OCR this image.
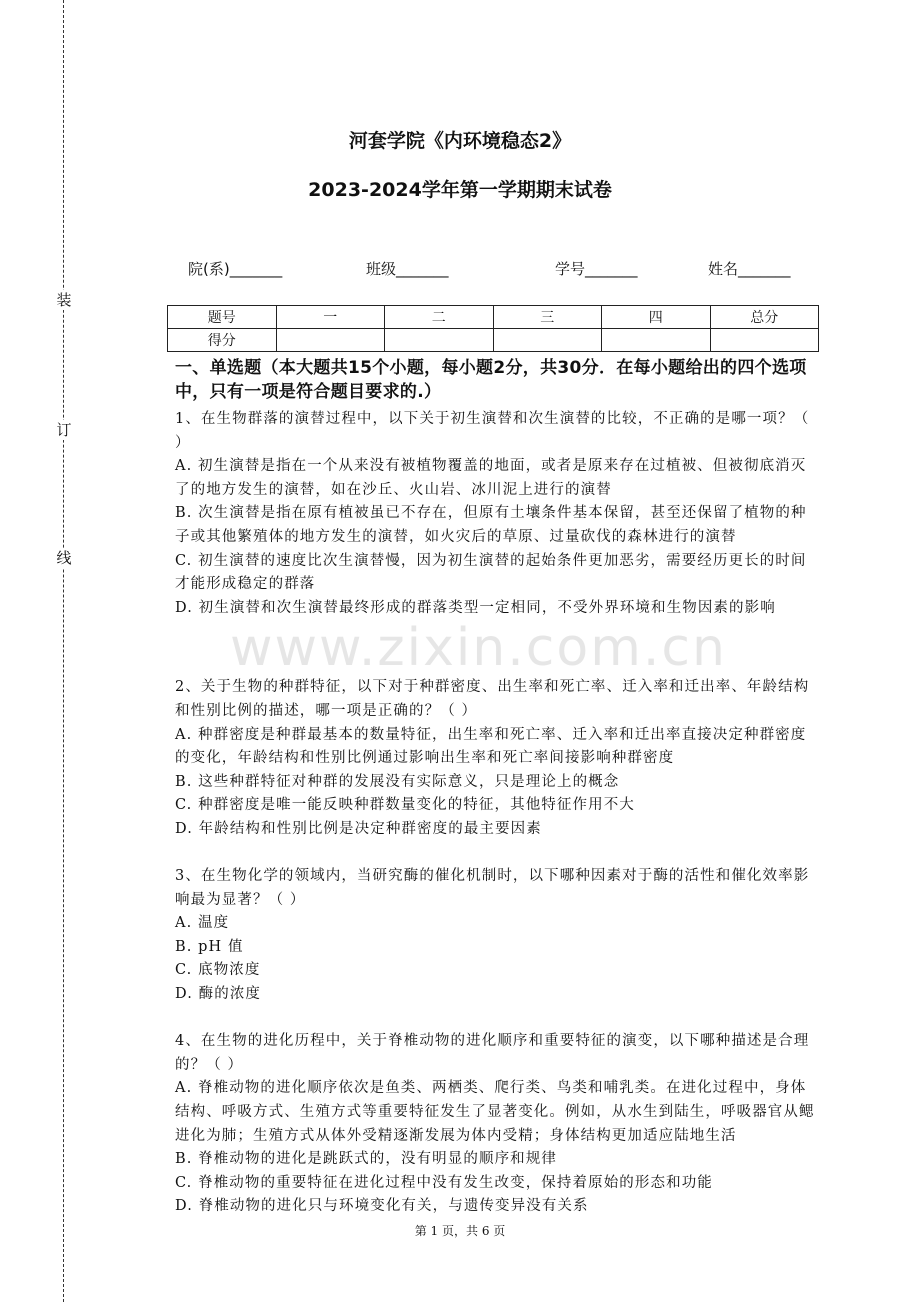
装
订
线
河套学院《内环境稳态2》
2023-2024学年第一学期期末试卷
院(系)_______	班级_______	学号_______	姓名_______
题号	一	二	三	四	总分
得分					
一、单选题（本大题共15个小题，每小题2分，共30分．在每小题给出的四个选项中，只有一项是符合题目要求的.）
1、在生物群落的演替过程中，以下关于初生演替和次生演替的比较，不正确的是哪一项？（ ）
A. 初生演替是指在一个从来没有被植物覆盖的地面，或者是原来存在过植被、但被彻底消灭了的地方发生的演替，如在沙丘、火山岩、冰川泥上进行的演替
B. 次生演替是指在原有植被虽已不存在，但原有土壤条件基本保留，甚至还保留了植物的种子或其他繁殖体的地方发生的演替，如火灾后的草原、过量砍伐的森林进行的演替
C. 初生演替的速度比次生演替慢，因为初生演替的起始条件更加恶劣，需要经历更长的时间才能形成稳定的群落
D. 初生演替和次生演替最终形成的群落类型一定相同，不受外界环境和生物因素的影响
www.zixin.com.cn
2、关于生物的种群特征，以下对于种群密度、出生率和死亡率、迁入率和迁出率、年龄结构和性别比例的描述，哪一项是正确的？（ ）
A. 种群密度是种群最基本的数量特征，出生率和死亡率、迁入率和迁出率直接决定种群密度的变化，年龄结构和性别比例通过影响出生率和死亡率间接影响种群密度
B. 这些种群特征对种群的发展没有实际意义，只是理论上的概念
C. 种群密度是唯一能反映种群数量变化的特征，其他特征作用不大
D. 年龄结构和性别比例是决定种群密度的最主要因素
3、在生物化学的领域内，当研究酶的催化机制时，以下哪种因素对于酶的活性和催化效率影响最为显著？（ ）
A. 温度
B. pH 值
C. 底物浓度
D. 酶的浓度
4、在生物的进化历程中，关于脊椎动物的进化顺序和重要特征的演变，以下哪种描述是合理的？（ ）
A. 脊椎动物的进化顺序依次是鱼类、两栖类、爬行类、鸟类和哺乳类。在进化过程中，身体结构、呼吸方式、生殖方式等重要特征发生了显著变化。例如，从水生到陆生，呼吸器官从鳃进化为肺；生殖方式从体外受精逐渐发展为体内受精；身体结构更加适应陆地生活
B. 脊椎动物的进化是跳跃式的，没有明显的顺序和规律
C. 脊椎动物的重要特征在进化过程中没有发生改变，保持着原始的形态和功能
D. 脊椎动物的进化只与环境变化有关，与遗传变异没有关系
第 1 页，共 6 页
